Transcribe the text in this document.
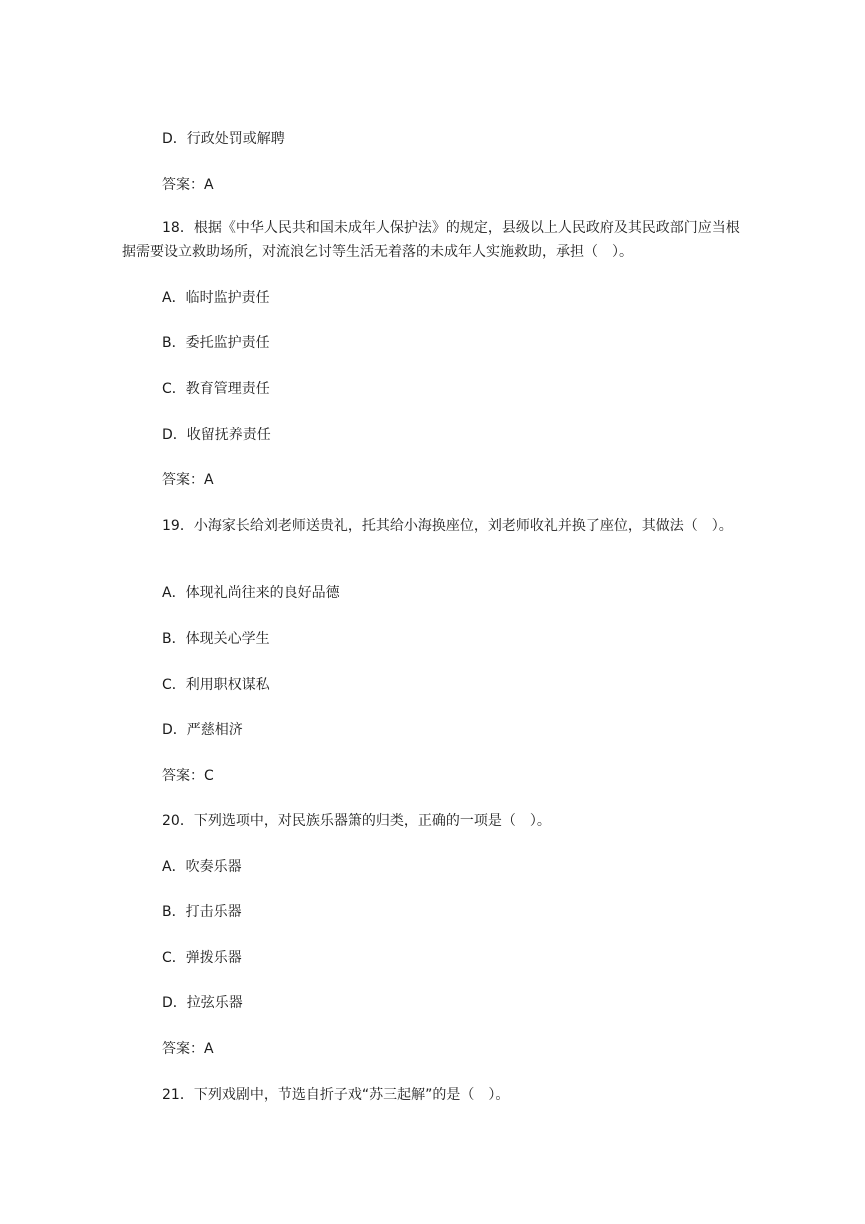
D．行政处罚或解聘

答案：A

18．根据《中华人民共和国未成年人保护法》的规定，县级以上人民政府及其民政部门应当根据需要设立救助场所，对流浪乞讨等生活无着落的未成年人实施救助，承担（　）。

A．临时监护责任

B．委托监护责任

C．教育管理责任

D．收留抚养责任

答案：A

19．小海家长给刘老师送贵礼，托其给小海换座位，刘老师收礼并换了座位，其做法（　）。

A．体现礼尚往来的良好品德

B．体现关心学生

C．利用职权谋私

D．严慈相济

答案：C

20．下列选项中，对民族乐器箫的归类，正确的一项是（　）。

A．吹奏乐器

B．打击乐器

C．弹拨乐器

D．拉弦乐器

答案：A

21．下列戏剧中，节选自折子戏“苏三起解”的是（　）。
